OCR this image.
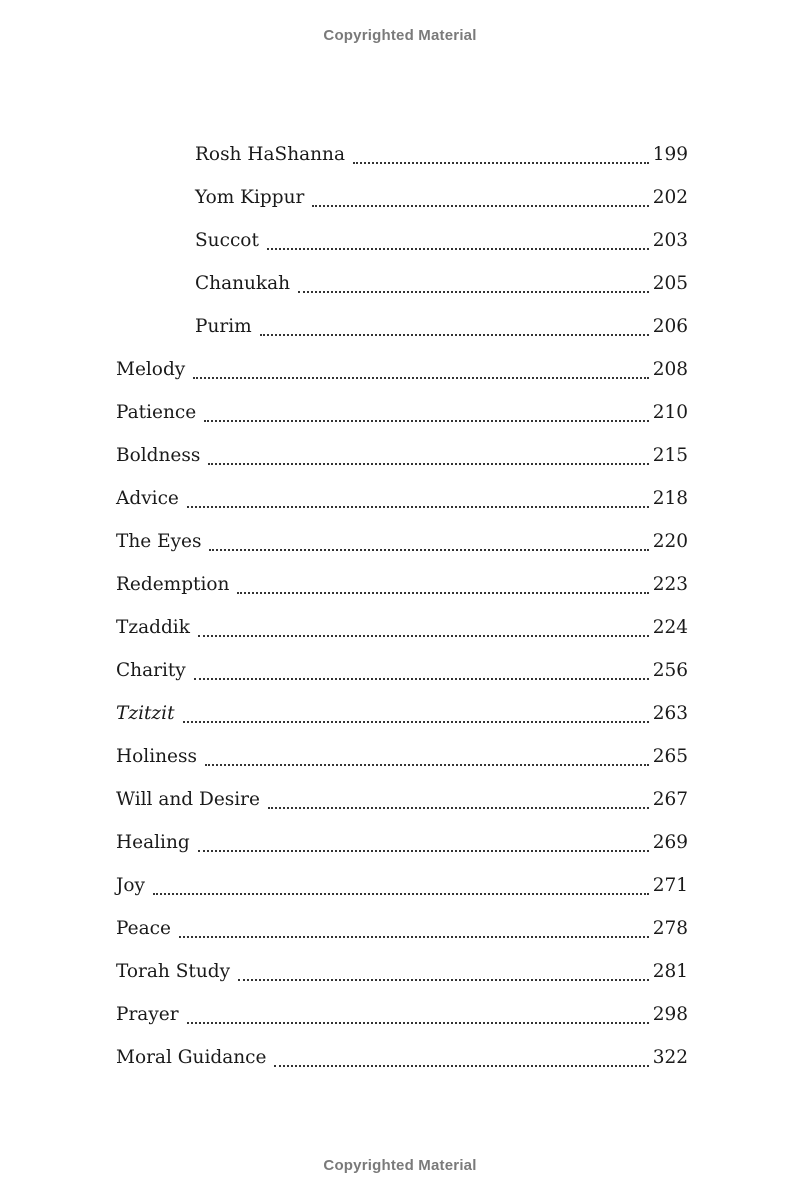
Copyrighted Material
Rosh HaShanna	199
Yom Kippur	202
Succot	203
Chanukah	205
Purim	206
Melody	208
Patience	210
Boldness	215
Advice	218
The Eyes	220
Redemption	223
Tzaddik	224
Charity	256
Tzitzit	263
Holiness	265
Will and Desire	267
Healing	269
Joy	271
Peace	278
Torah Study	281
Prayer	298
Moral Guidance	322
Copyrighted Material
